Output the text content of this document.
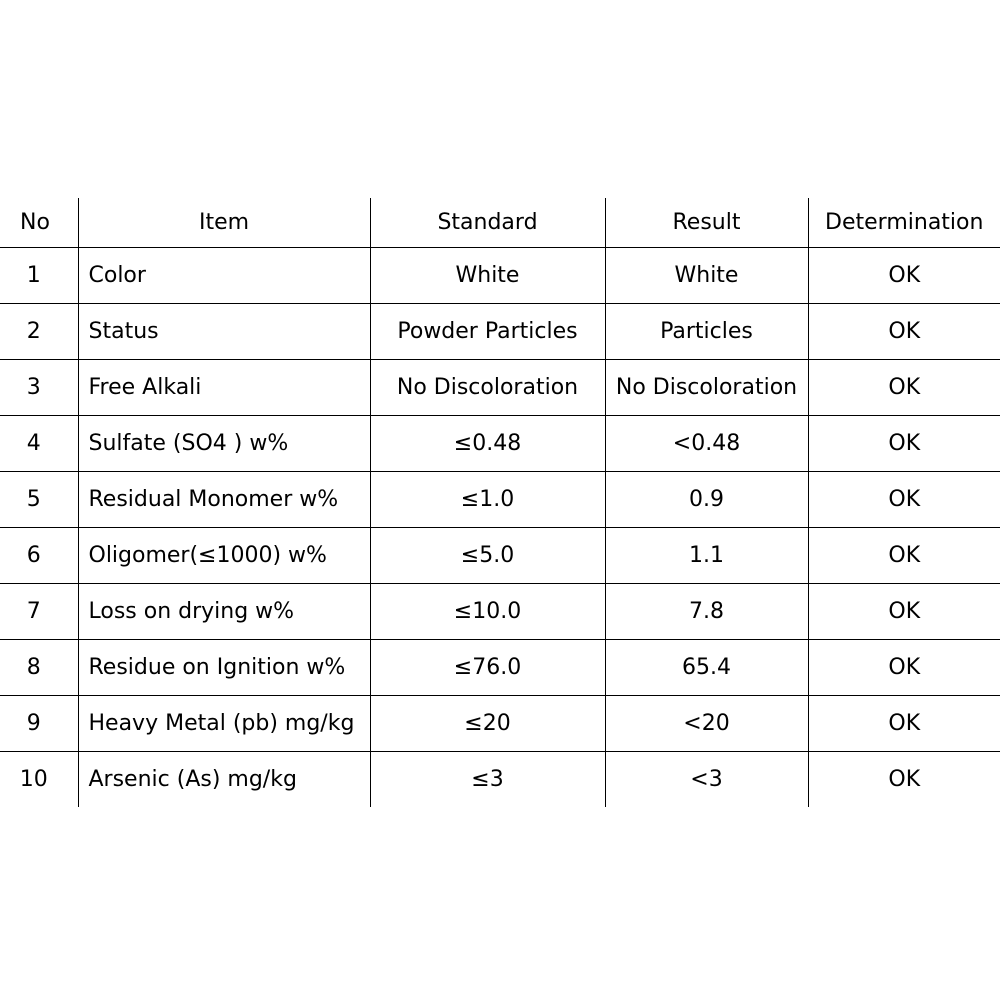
No	Item	Standard	Result	Determination
1	Color	White	White	OK
2	Status	Powder Particles	Particles	OK
3	Free Alkali	No Discoloration	No Discoloration	OK
4	Sulfate (SO4 ) w%	≤0.48	<0.48	OK
5	Residual Monomer w%	≤1.0	0.9	OK
6	Oligomer(≤1000) w%	≤5.0	1.1	OK
7	Loss on drying w%	≤10.0	7.8	OK
8	Residue on Ignition w%	≤76.0	65.4	OK
9	Heavy Metal (pb) mg/kg	≤20	<20	OK
10	Arsenic (As) mg/kg	≤3	<3	OK
